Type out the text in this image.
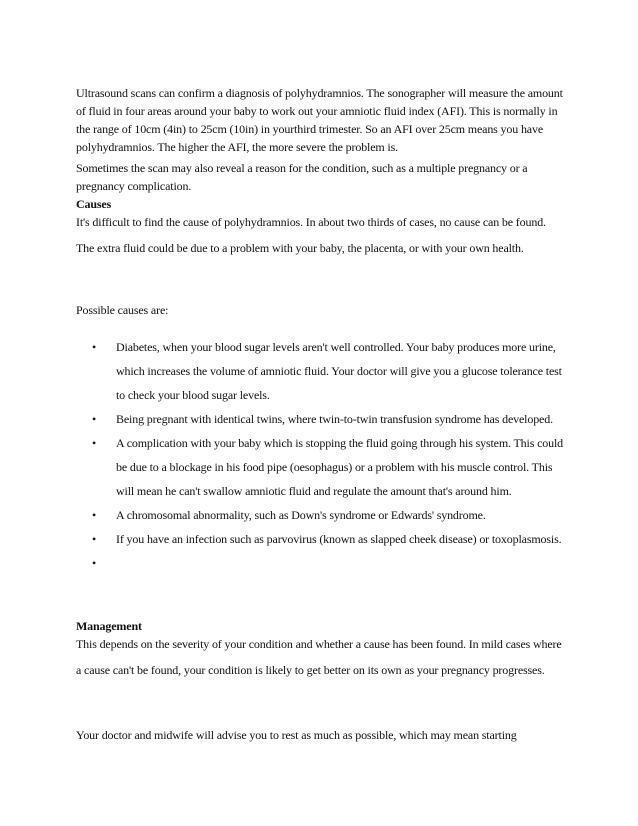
Ultrasound scans can confirm a diagnosis of polyhydramnios. The sonographer will measure the amount of fluid in four areas around your baby to work out your amniotic fluid index (AFI). This is normally in the range of 10cm (4in) to 25cm (10in) in yourthird trimester. So an AFI over 25cm means you have polyhydramnios. The higher the AFI, the more severe the problem is.

Sometimes the scan may also reveal a reason for the condition, such as a multiple pregnancy or a pregnancy complication.

Causes

It's difficult to find the cause of polyhydramnios. In about two thirds of cases, no cause can be found. The extra fluid could be due to a problem with your baby, the placenta, or with your own health.

Possible causes are:

• Diabetes, when your blood sugar levels aren't well controlled. Your baby produces more urine, which increases the volume of amniotic fluid. Your doctor will give you a glucose tolerance test to check your blood sugar levels.
• Being pregnant with identical twins, where twin-to-twin transfusion syndrome has developed.
• A complication with your baby which is stopping the fluid going through his system. This could be due to a blockage in his food pipe (oesophagus) or a problem with his muscle control. This will mean he can't swallow amniotic fluid and regulate the amount that's around him.
• A chromosomal abnormality, such as Down's syndrome or Edwards' syndrome.
• If you have an infection such as parvovirus (known as slapped cheek disease) or toxoplasmosis.
•

Management

This depends on the severity of your condition and whether a cause has been found. In mild cases where a cause can't be found, your condition is likely to get better on its own as your pregnancy progresses.

Your doctor and midwife will advise you to rest as much as possible, which may mean starting
